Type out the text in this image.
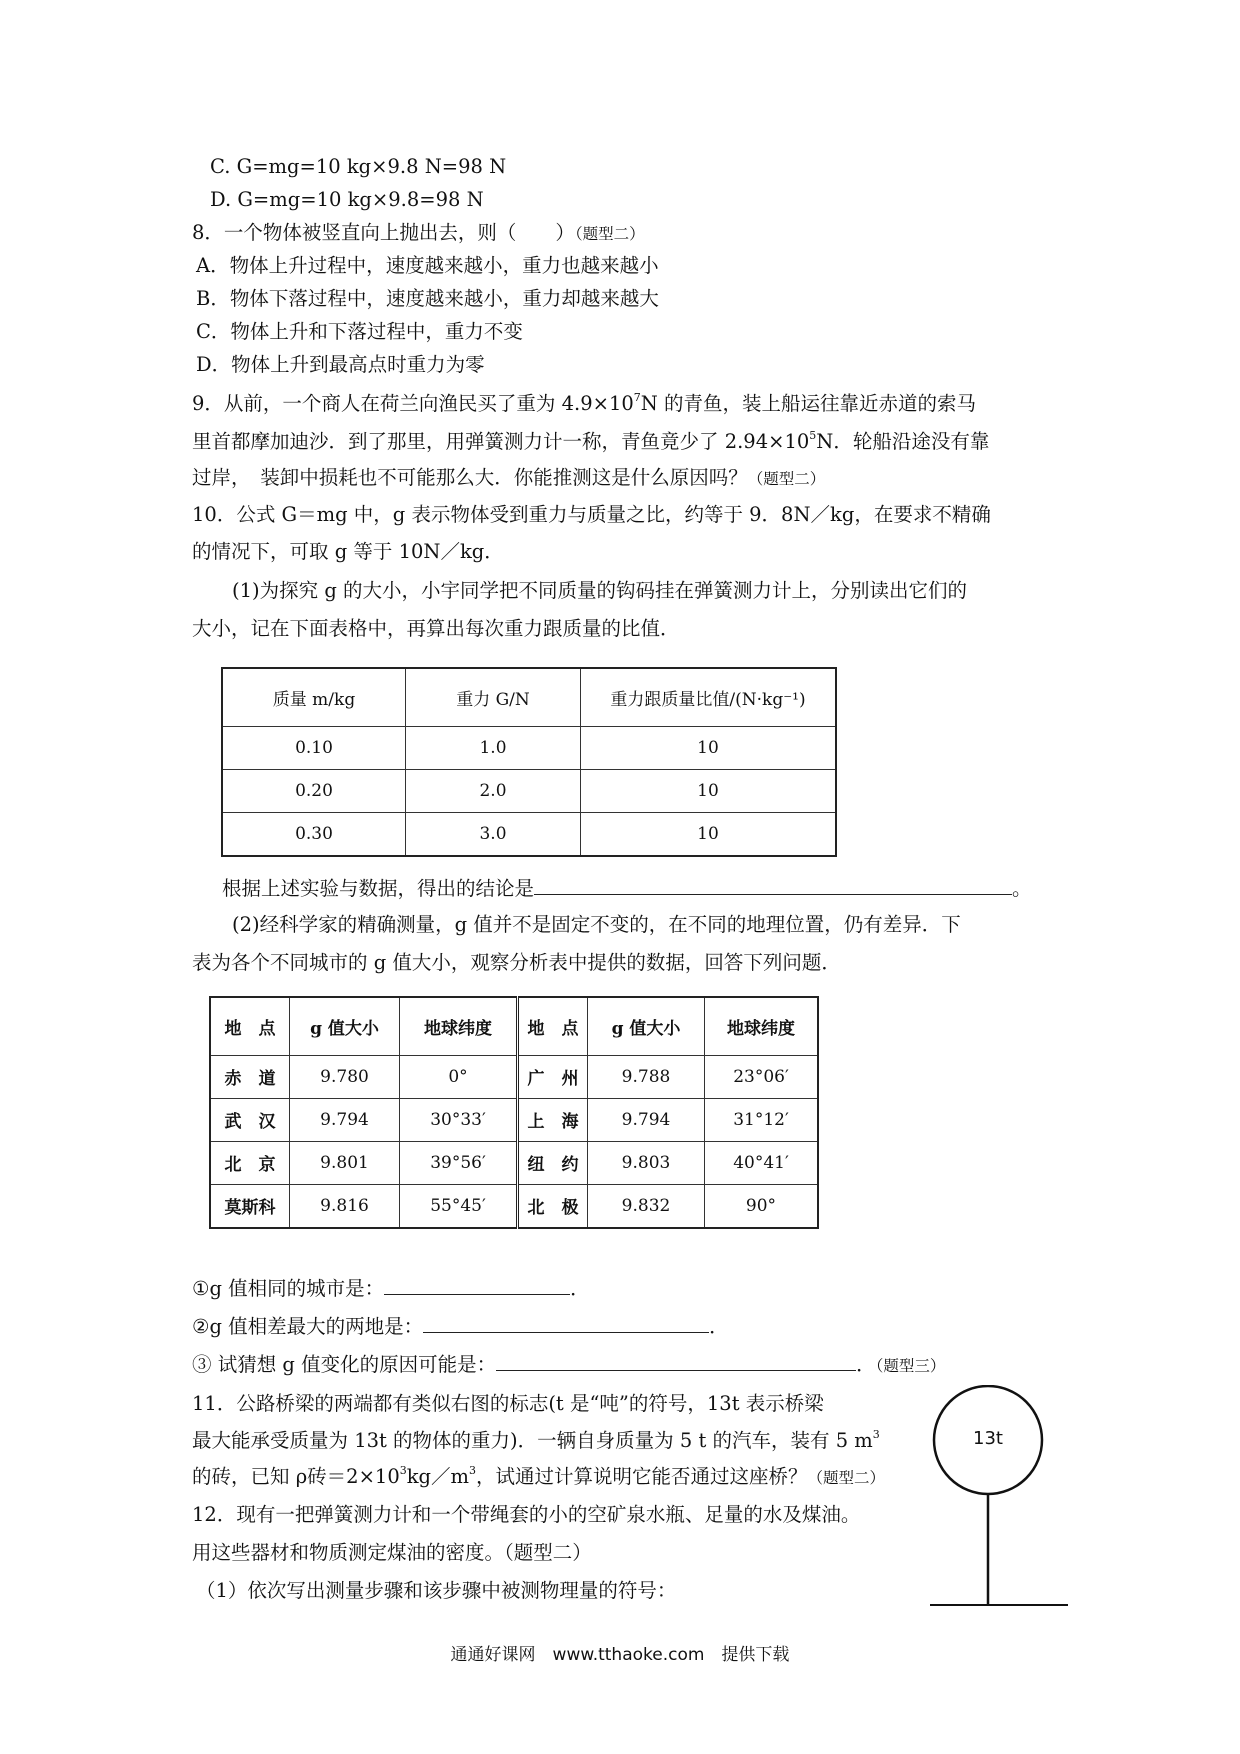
C. G=mg=10 kg×9.8 N=98 N
D. G=mg=10 kg×9.8=98 N
8．一个物体被竖直向上抛出去，则（　　）（题型二）
A．物体上升过程中，速度越来越小，重力也越来越小
B．物体下落过程中，速度越来越小，重力却越来越大
C．物体上升和下落过程中，重力不变
D．物体上升到最高点时重力为零
9．从前，一个商人在荷兰向渔民买了重为 $4.9\times 10^7N$ 的青鱼，装上船运往靠近赤道的索马
里首都摩加迪沙．到了那里，用弹簧测力计一称，青鱼竟少了 $2.94\times 10^5N$．轮船沿途没有靠
过岸，　装卸中损耗也不可能那么大．你能推测这是什么原因吗？（题型二）
10．公式 G＝mg 中，g 表示物体受到重力与质量之比，约等于 9．8N／kg，在要求不精确
的情况下，可取 g 等于 10N／kg．
(1)为探究 g 的大小，小宇同学把不同质量的钩码挂在弹簧测力计上，分别读出它们的
大小，记在下面表格中，再算出每次重力跟质量的比值．
质量 m/kg	重力 G/N	重力跟质量比值/(N·kg⁻¹)
0.10	1.0	10
0.20	2.0	10
0.30	3.0	10
根据上述实验与数据，得出的结论是	。
(2)经科学家的精确测量，g 值并不是固定不变的，在不同的地理位置，仍有差异．下
表为各个不同城市的 g 值大小，观察分析表中提供的数据，回答下列问题．
地　点	g 值大小	地球纬度	地　点	g 值大小	地球纬度
赤　道	9.780	0°	广　州	9.788	23°06′
武　汉	9.794	30°33′	上　海	9.794	31°12′
北　京	9.801	39°56′	纽　约	9.803	40°41′
莫斯科	9.816	55°45′	北　极	9.832	90°
①g 值相同的城市是：	．
②g 值相差最大的两地是：	．
③ 试猜想 g 值变化的原因可能是：	．（题型三）
11．公路桥梁的两端都有类似右图的标志(t 是“吨”的符号，13t 表示桥梁
最大能承受质量为 13t 的物体的重力)．一辆自身质量为 5 t 的汽车，装有 5 $m^3$
的砖，已知 ρ砖$=2\times 10^3kg/m^3$，试通过计算说明它能否通过这座桥？（题型二）
13t
12．现有一把弹簧测力计和一个带绳套的小的空矿泉水瓶、足量的水及煤油。
用这些器材和物质测定煤油的密度。（题型二）
（1）依次写出测量步骤和该步骤中被测物理量的符号：
通通好课网　www.tthaoke.com　提供下载
